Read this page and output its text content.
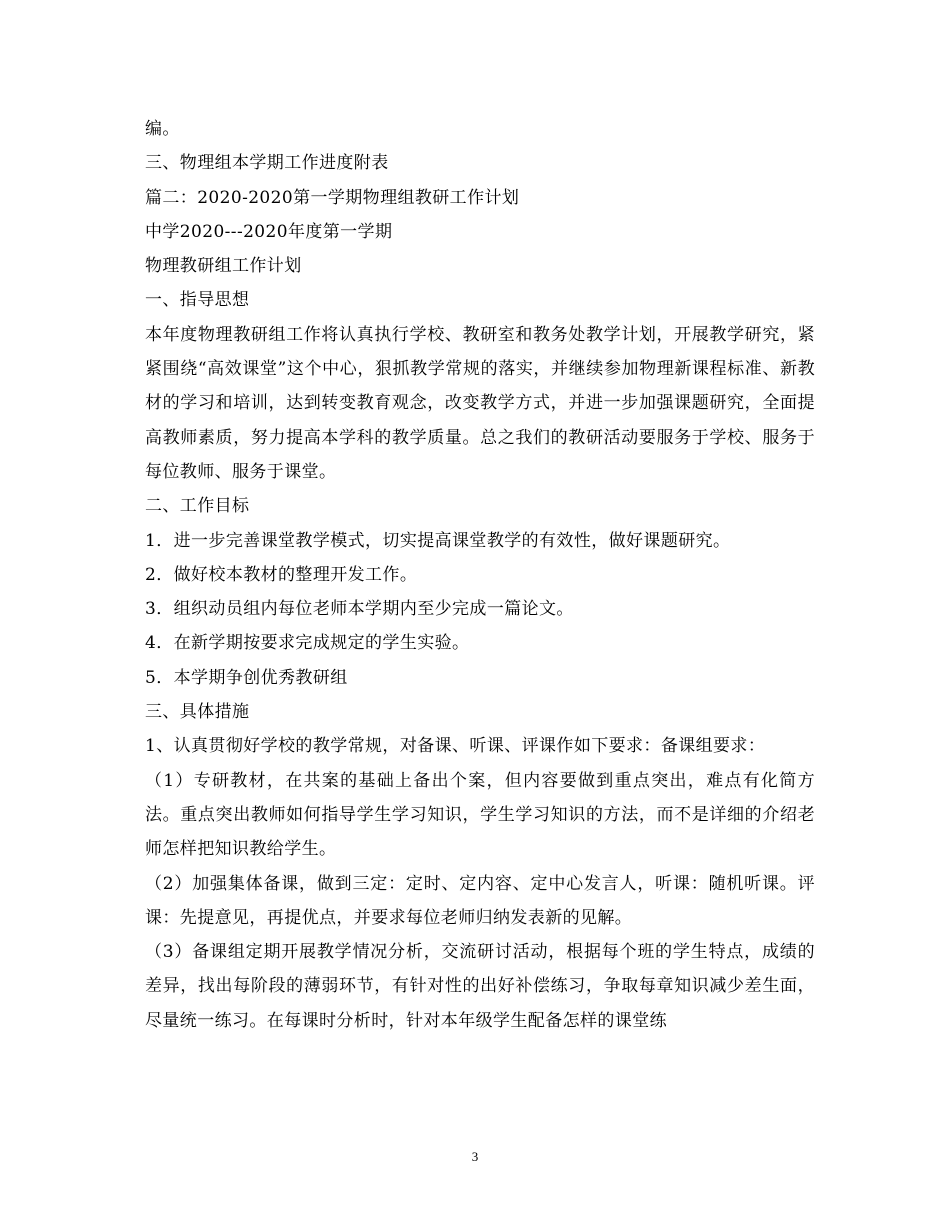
编。

三、物理组本学期工作进度附表

篇二：2020-2020第一学期物理组教研工作计划

中学2020---2020年度第一学期

物理教研组工作计划

一、指导思想

本年度物理教研组工作将认真执行学校、教研室和教务处教学计划，开展教学研究，紧紧围绕“高效课堂”这个中心，狠抓教学常规的落实，并继续参加物理新课程标准、新教材的学习和培训，达到转变教育观念，改变教学方式，并进一步加强课题研究，全面提高教师素质，努力提高本学科的教学质量。总之我们的教研活动要服务于学校、服务于每位教师、服务于课堂。

二、工作目标

1．进一步完善课堂教学模式，切实提高课堂教学的有效性，做好课题研究。

2．做好校本教材的整理开发工作。

3．组织动员组内每位老师本学期内至少完成一篇论文。

4．在新学期按要求完成规定的学生实验。

5．本学期争创优秀教研组

三、具体措施

1、认真贯彻好学校的教学常规，对备课、听课、评课作如下要求：备课组要求：

（1）专研教材，在共案的基础上备出个案，但内容要做到重点突出，难点有化简方法。重点突出教师如何指导学生学习知识，学生学习知识的方法，而不是详细的介绍老师怎样把知识教给学生。

（2）加强集体备课，做到三定：定时、定内容、定中心发言人，听课：随机听课。评课：先提意见，再提优点，并要求每位老师归纳发表新的见解。

（3）备课组定期开展教学情况分析，交流研讨活动，根据每个班的学生特点，成绩的差异，找出每阶段的薄弱环节，有针对性的出好补偿练习，争取每章知识减少差生面，尽量统一练习。在每课时分析时，针对本年级学生配备怎样的课堂练

3
